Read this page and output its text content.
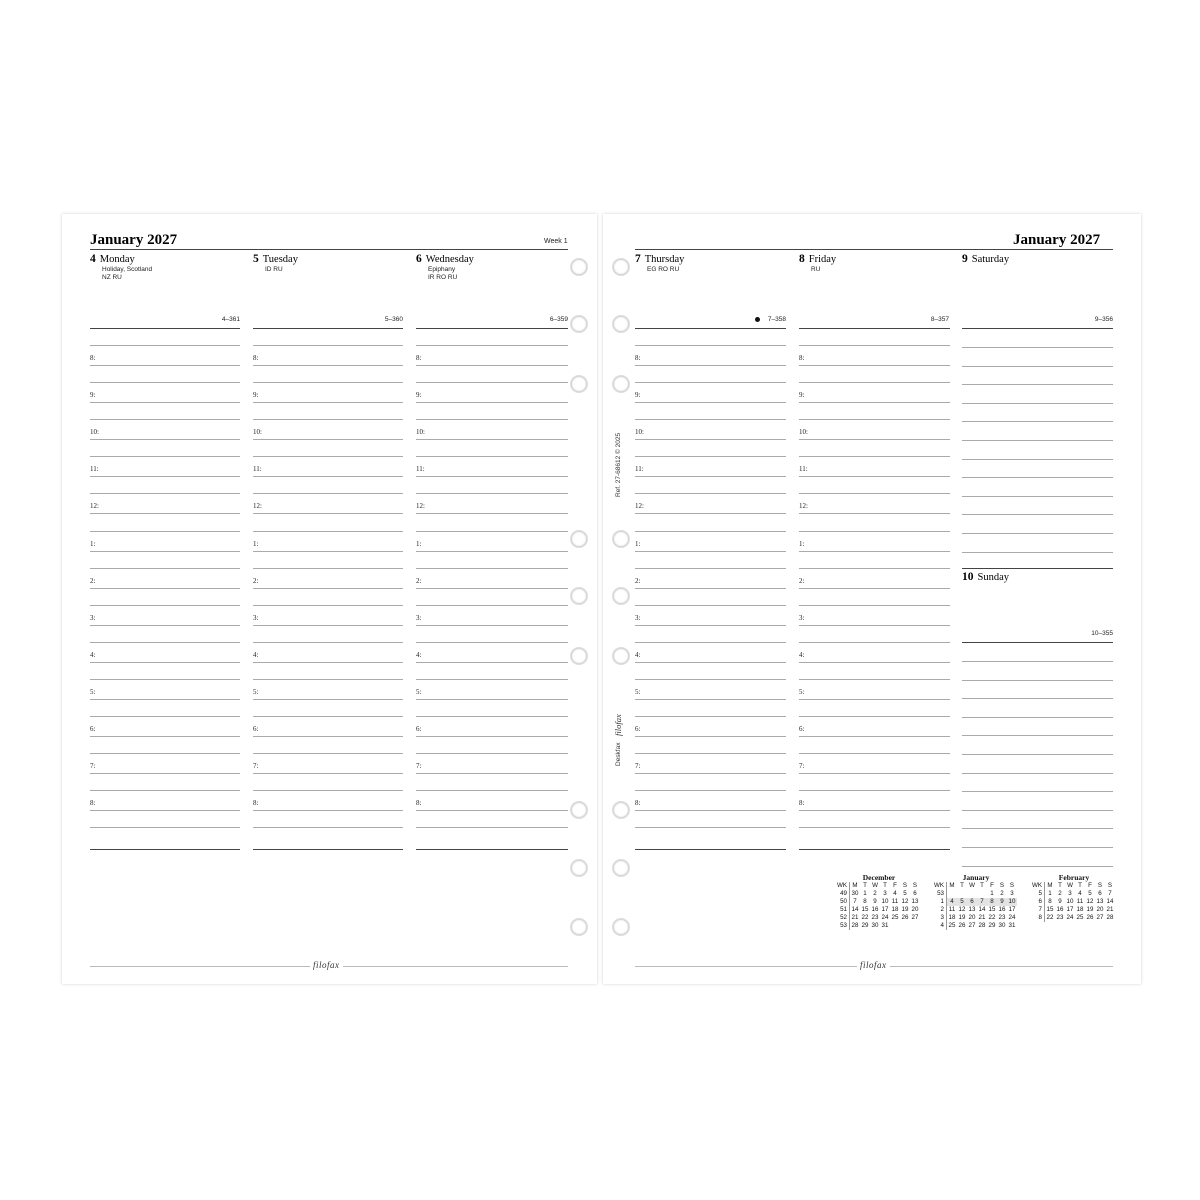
January 2027	Week 1
4 Monday
Holiday, Scotland
NZ RU
5 Tuesday
ID RU
6 Wednesday
Epiphany
IR RO RU
4–361	5–360	6–359
8:
9:
10:
11:
12:
1:
2:
3:
4:
5:
6:
7:
8:
8:
9:
10:
11:
12:
1:
2:
3:
4:
5:
6:
7:
8:
8:
9:
10:
11:
12:
1:
2:
3:
4:
5:
6:
7:
8:
filofax
January 2027
7 Thursday
EG RO RU
8 Friday
RU
9 Saturday
7–358	8–357	9–356
10 Sunday
10–355
8:
9:
10:
11:
12:
1:
2:
3:
4:
5:
6:
7:
8:
8:
9:
10:
11:
12:
1:
2:
3:
4:
5:
6:
7:
8:
Ref. 27-68612 © 2025
Deskfax
filofax
December
WK	M	T	W	T	F	S	S
49	30	1	2	3	4	5	6
50	7	8	9	10	11	12	13
51	14	15	16	17	18	19	20
52	21	22	23	24	25	26	27
53	28	29	30	31			
January
WK	M	T	W	T	F	S	S
53					1	2	3
1	4	5	6	7	8	9	10
2	11	12	13	14	15	16	17
3	18	19	20	21	22	23	24
4	25	26	27	28	29	30	31
February
WK	M	T	W	T	F	S	S
5	1	2	3	4	5	6	7
6	8	9	10	11	12	13	14
7	15	16	17	18	19	20	21
8	22	23	24	25	26	27	28
filofax
